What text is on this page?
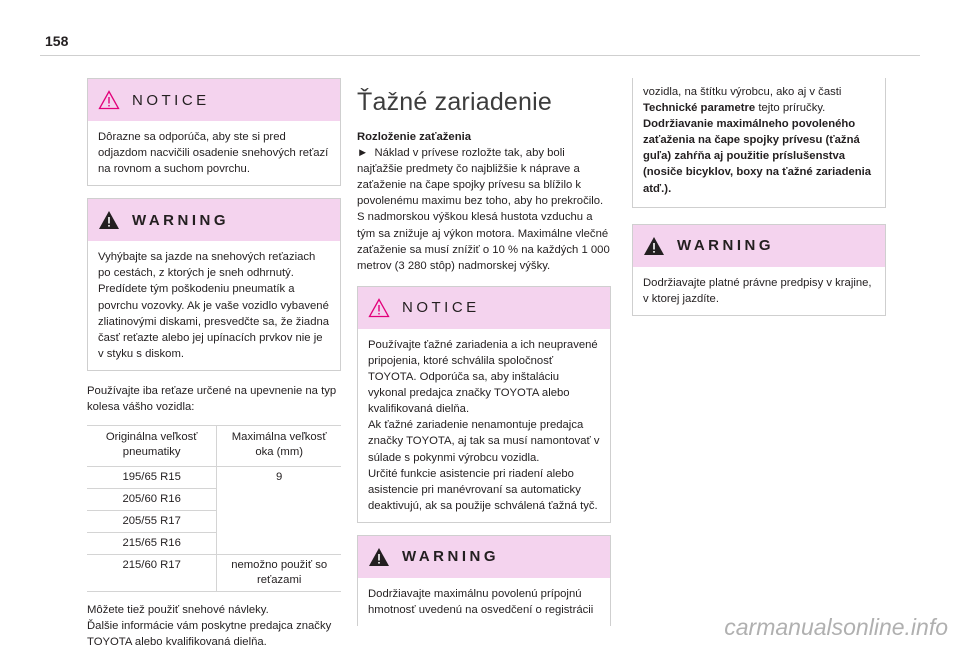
158
NOTICE
Dôrazne sa odporúča, aby ste si pred odjazdom nacvičili osadenie snehových reťazí na rovnom a suchom povrchu.
WARNING
Vyhýbajte sa jazde na snehových reťaziach po cestách, z ktorých je sneh odhrnutý. Predídete tým poškodeniu pneumatík a povrchu vozovky. Ak je vaše vozidlo vybavené zliatinovými diskami, presvedčte sa, že žiadna časť reťazte alebo jej upínacích prvkov nie je v styku s diskom.

Používajte iba reťaze určené na upevnenie na typ kolesa vášho vozidla:

Originálna veľkosť pneumatiky	Maximálna veľkosť oka (mm)
195/65 R15	9
205/60 R16	
205/55 R17	
215/65 R16	
215/60 R17	nemožno použiť so reťazami

Môžete tiež použiť snehové návleky.

Ďalšie informácie vám poskytne predajca značky TOYOTA alebo kvalifikovaná dielňa.

Ťažné zariadenie

Rozloženie zaťaženia

► Náklad v prívese rozložte tak, aby boli najťažšie predmety čo najbližšie k náprave a zaťaženie na čape spojky prívesu sa blížilo k povolenému maximu bez toho, aby ho prekročilo.

S nadmorskou výškou klesá hustota vzduchu a tým sa znižuje aj výkon motora. Maximálne vlečné zaťaženie sa musí znížiť o 10 % na každých 1 000 metrov (3 280 stôp) nadmorskej výšky.

NOTICE

Používajte ťažné zariadenia a ich neupravené pripojenia, ktoré schválila spoločnosť TOYOTA. Odporúča sa, aby inštaláciu vykonal predajca značky TOYOTA alebo kvalifikovaná dielňa.

Ak ťažné zariadenie nenamontuje predajca značky TOYOTA, aj tak sa musí namontovať v súlade s pokynmi výrobcu vozidla.

Určité funkcie asistencie pri riadení alebo asistencie pri manévrovaní sa automaticky deaktivujú, ak sa použije schválená ťažná tyč.

WARNING
Dodržiavajte maximálnu povolenú prípojnú hmotnosť uvedenú na osvedčení o registrácii
vozidla, na štítku výrobcu, ako aj v časti Technické parametre tejto príručky.

Dodržiavanie maximálneho povoleného zaťaženia na čape spojky prívesu (ťažná guľa) zahŕňa aj použitie príslušenstva (nosiče bicyklov, boxy na ťažné zariadenia atď.).

WARNING
Dodržiavajte platné právne predpisy v krajine, v ktorej jazdíte.
carmanualsonline.info
